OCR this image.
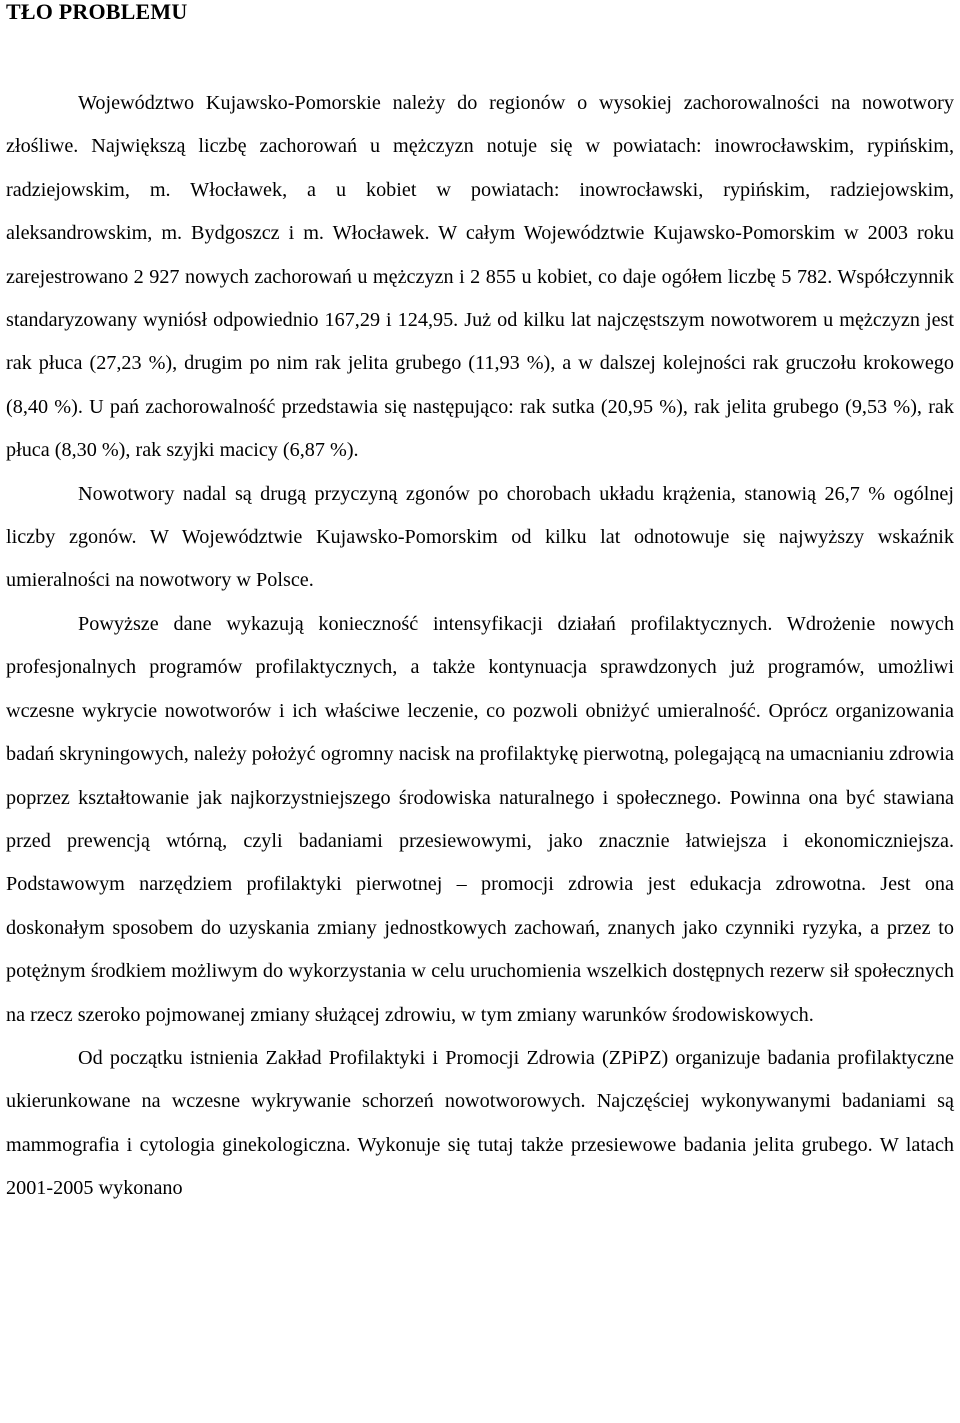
TŁO PROBLEMU

Województwo Kujawsko-Pomorskie należy do regionów o wysokiej zachorowalności na nowotwory złośliwe. Największą liczbę zachorowań u mężczyzn notuje się w powiatach: inowrocławskim, rypińskim, radziejowskim, m. Włocławek, a u kobiet w powiatach: inowrocławski, rypińskim, radziejowskim, aleksandrowskim, m. Bydgoszcz i m. Włocławek. W całym Województwie Kujawsko-Pomorskim w 2003 roku zarejestrowano 2 927 nowych zachorowań u mężczyzn i 2 855 u kobiet, co daje ogółem liczbę 5 782. Współczynnik standaryzowany wyniósł odpowiednio 167,29 i 124,95. Już od kilku lat najczęstszym nowotworem u mężczyzn jest rak płuca (27,23 %), drugim po nim rak jelita grubego (11,93 %), a w dalszej kolejności rak gruczołu krokowego (8,40 %). U pań zachorowalność przedstawia się następująco: rak sutka (20,95 %), rak jelita grubego (9,53 %), rak płuca (8,30 %), rak szyjki macicy (6,87 %).

Nowotwory nadal są drugą przyczyną zgonów po chorobach układu krążenia, stanowią 26,7 % ogólnej liczby zgonów. W Województwie Kujawsko-Pomorskim od kilku lat odnotowuje się najwyższy wskaźnik umieralności na nowotwory w Polsce.

Powyższe dane wykazują konieczność intensyfikacji działań profilaktycznych. Wdrożenie nowych profesjonalnych programów profilaktycznych, a także kontynuacja sprawdzonych już programów, umożliwi wczesne wykrycie nowotworów i ich właściwe leczenie, co pozwoli obniżyć umieralność. Oprócz organizowania badań skryningowych, należy położyć ogromny nacisk na profilaktykę pierwotną, polegającą na umacnianiu zdrowia poprzez kształtowanie jak najkorzystniejszego środowiska naturalnego i społecznego. Powinna ona być stawiana przed prewencją wtórną, czyli badaniami przesiewowymi, jako znacznie łatwiejsza i ekonomiczniejsza. Podstawowym narzędziem profilaktyki pierwotnej – promocji zdrowia jest edukacja zdrowotna. Jest ona doskonałym sposobem do uzyskania zmiany jednostkowych zachowań, znanych jako czynniki ryzyka, a przez to potężnym środkiem możliwym do wykorzystania w celu uruchomienia wszelkich dostępnych rezerw sił społecznych na rzecz szeroko pojmowanej zmiany służącej zdrowiu, w tym zmiany warunków środowiskowych.

Od początku istnienia Zakład Profilaktyki i Promocji Zdrowia (ZPiPZ) organizuje badania profilaktyczne ukierunkowane na wczesne wykrywanie schorzeń nowotworowych. Najczęściej wykonywanymi badaniami są mammografia i cytologia ginekologiczna. Wykonuje się tutaj także przesiewowe badania jelita grubego. W latach 2001-2005 wykonano
